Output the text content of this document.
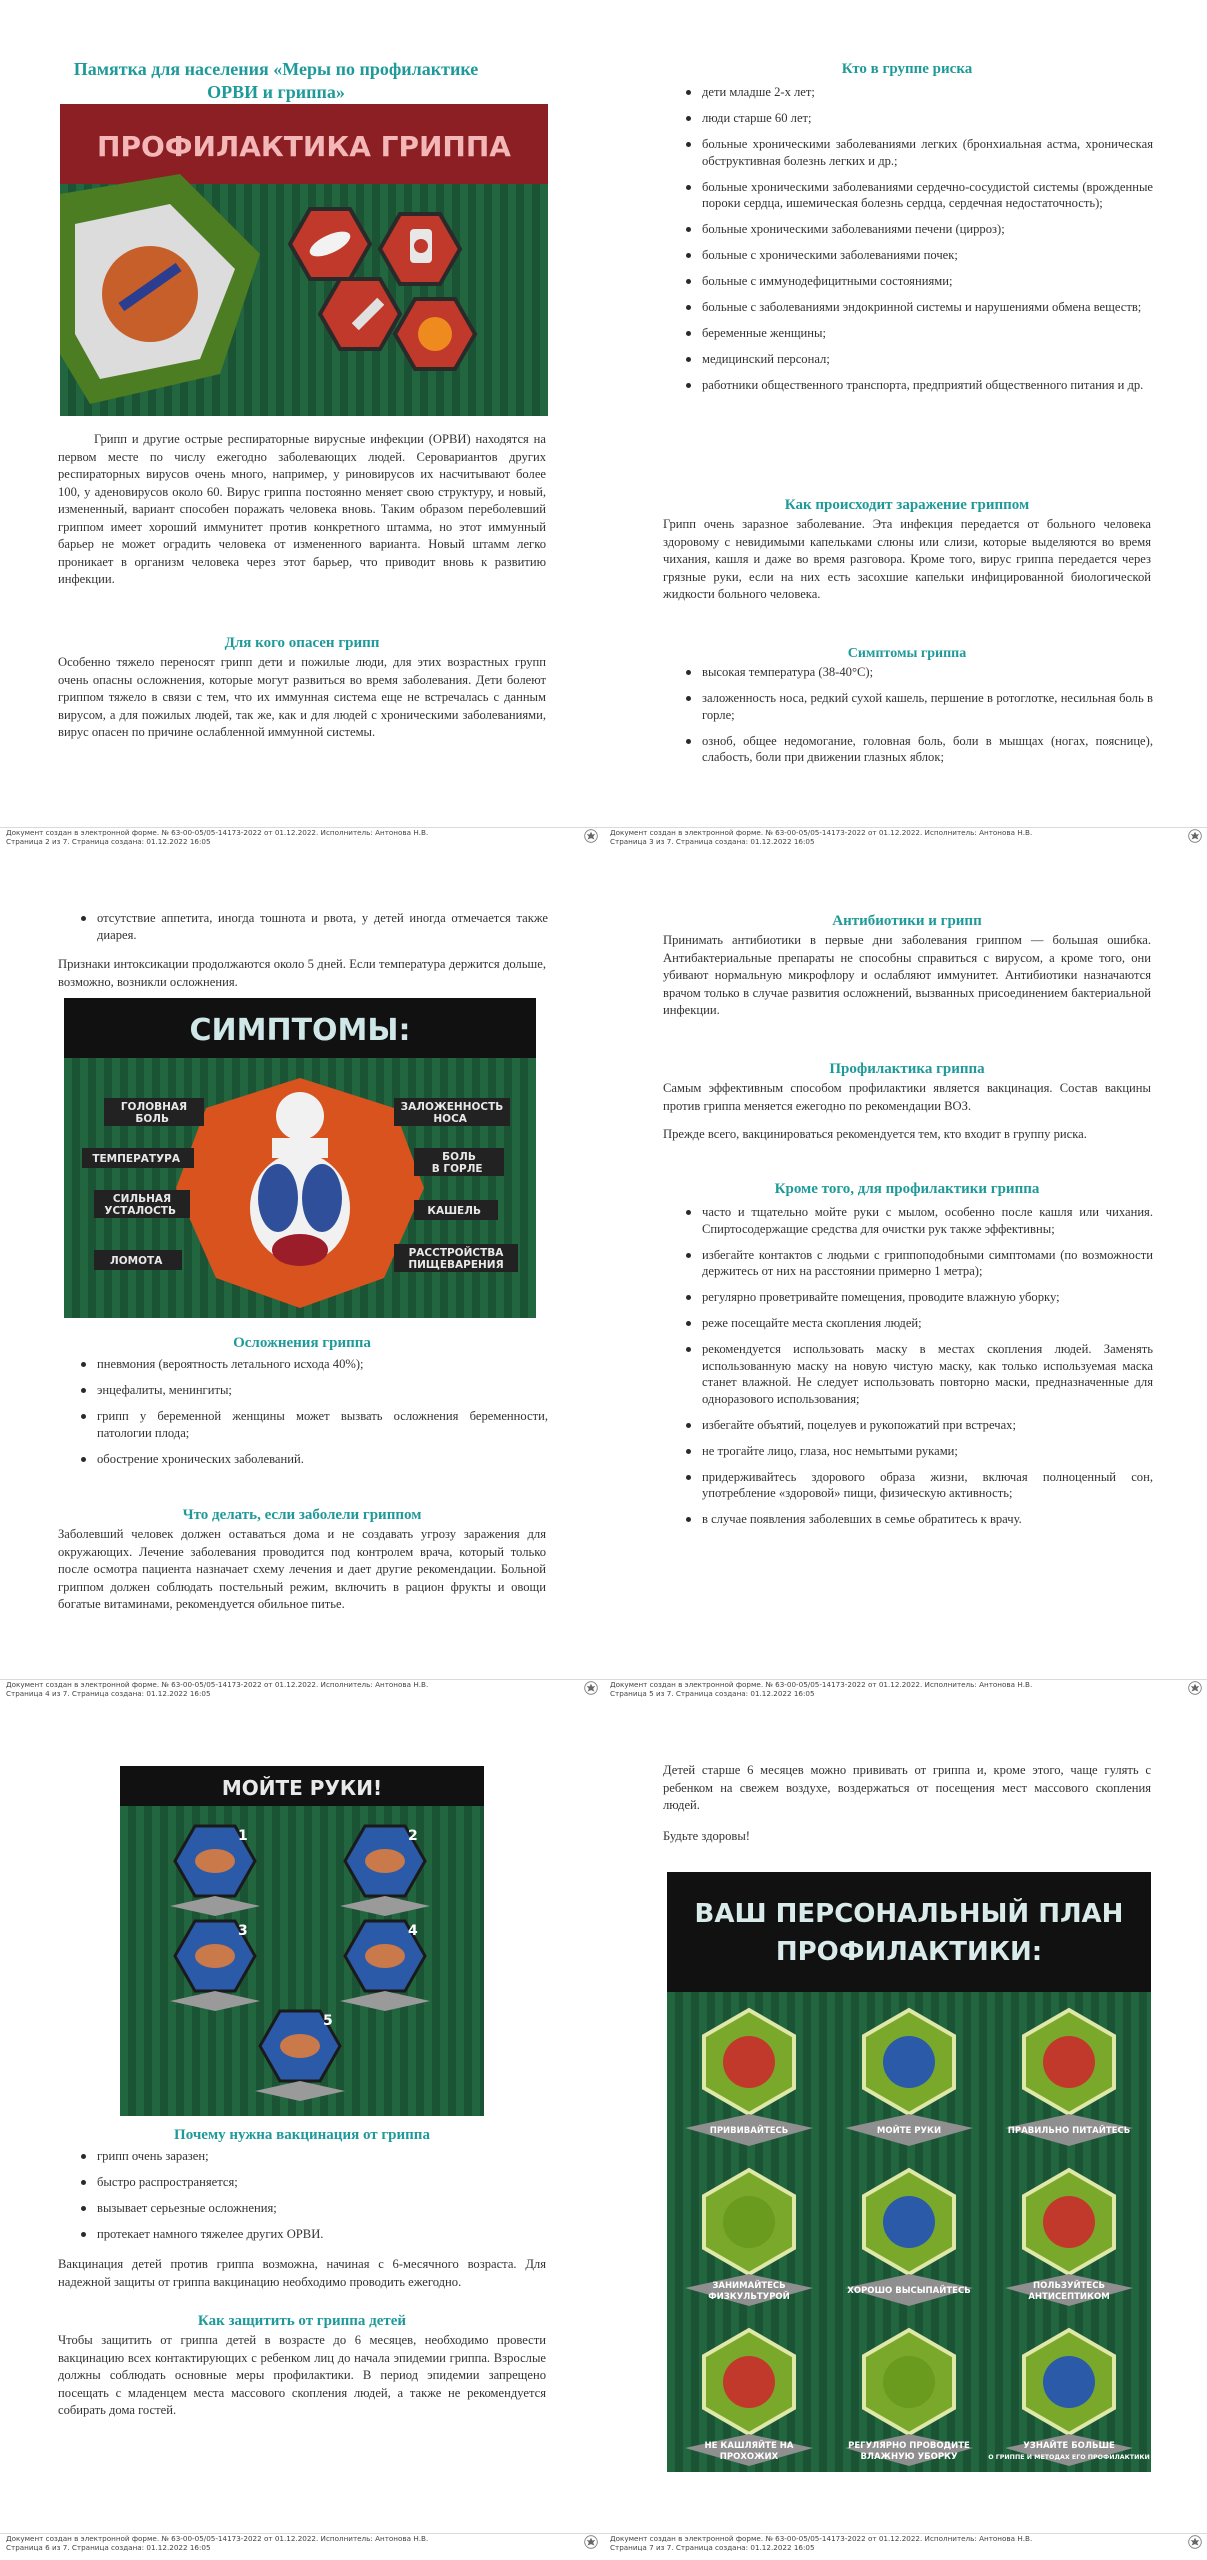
Памятка для населения «Меры по профилактике ОРВИ и гриппа»
ПРОФИЛАКТИКА ГРИППА
Грипп и другие острые респираторные вирусные инфекции (ОРВИ) находятся на первом месте по числу ежегодно заболевающих людей. Серовариантов других респираторных вирусов очень много, например, у риновирусов их насчитывают более 100, у аденовирусов около 60. Вирус гриппа постоянно меняет свою структуру, и новый, измененный, вариант способен поражать человека вновь. Таким образом переболевший гриппом имеет хороший иммунитет против конкретного штамма, но этот иммунный барьер не может оградить человека от измененного варианта. Новый штамм легко проникает в организм человека через этот барьер, что приводит вновь к развитию инфекции.
Для кого опасен грипп
Особенно тяжело переносят грипп дети и пожилые люди, для этих возрастных групп очень опасны осложнения, которые могут развиться во время заболевания. Дети болеют гриппом тяжело в связи с тем, что их иммунная система еще не встречалась с данным вирусом, а для пожилых людей, так же, как и для людей с хроническими заболеваниями, вирус опасен по причине ослабленной иммунной системы.
Кто в группе риска
дети младше 2-х лет;
люди старше 60 лет;
больные хроническими заболеваниями легких (бронхиальная астма, хроническая обструктивная болезнь легких и др.;
больные хроническими заболеваниями сердечно-сосудистой системы (врожденные пороки сердца, ишемическая болезнь сердца, сердечная недостаточность);
больные хроническими заболеваниями печени (цирроз);
больные с хроническими заболеваниями почек;
больные с иммунодефицитными состояниями;
больные с заболеваниями эндокринной системы и нарушениями обмена веществ;
беременные женщины;
медицинский персонал;
работники общественного транспорта, предприятий общественного питания и др.
Как происходит заражение гриппом
Грипп очень заразное заболевание. Эта инфекция передается от больного человека здоровому с невидимыми капельками слюны или слизи, которые выделяются во время чихания, кашля и даже во время разговора. Кроме того, вирус гриппа передается через грязные руки, если на них есть засохшие капельки инфицированной биологической жидкости больного человека.
Симптомы гриппа
высокая температура (38-40°С);
заложенность носа, редкий сухой кашель, першение в ротоглотке, несильная боль в горле;
озноб, общее недомогание, головная боль, боли в мышцах (ногах, пояснице), слабость, боли при движении глазных яблок;
Документ создан в электронной форме. № 63-00-05/05-14173-2022 от 01.12.2022. Исполнитель: Антонова Н.В.
Страница 2 из 7. Страница создана: 01.12.2022 16:05
Документ создан в электронной форме. № 63-00-05/05-14173-2022 от 01.12.2022. Исполнитель: Антонова Н.В.
Страница 3 из 7. Страница создана: 01.12.2022 16:05
отсутствие аппетита, иногда тошнота и рвота, у детей иногда отмечается также диарея.
Признаки интоксикации продолжаются около 5 дней. Если температура держится дольше, возможно, возникли осложнения.
СИМПТОМЫ:
ГОЛОВНАЯ БОЛЬ ТЕМПЕРАТУРА СИЛЬНАЯ УСТАЛОСТЬ ЛОМОТА ЗАЛОЖЕННОСТЬ НОСА БОЛЬ В ГОРЛЕ КАШЕЛЬ РАССТРОЙСТВА ПИЩЕВАРЕНИЯ
Осложнения гриппа
пневмония (вероятность летального исхода 40%);
энцефалиты, менингиты;
грипп у беременной женщины может вызвать осложнения беременности, патологии плода;
обострение хронических заболеваний.
Что делать, если заболели гриппом
Заболевший человек должен оставаться дома и не создавать угрозу заражения для окружающих. Лечение заболевания проводится под контролем врача, который только после осмотра пациента назначает схему лечения и дает другие рекомендации. Больной гриппом должен соблюдать постельный режим, включить в рацион фрукты и овощи богатые витаминами, рекомендуется обильное питье.
Антибиотики и грипп
Принимать антибиотики в первые дни заболевания гриппом — большая ошибка. Антибактериальные препараты не способны справиться с вирусом, а кроме того, они убивают нормальную микрофлору и ослабляют иммунитет. Антибиотики назначаются врачом только в случае развития осложнений, вызванных присоединением бактериальной инфекции.
Профилактика гриппа
Самым эффективным способом профилактики является вакцинация. Состав вакцины против гриппа меняется ежегодно по рекомендации ВОЗ.
Прежде всего, вакцинироваться рекомендуется тем, кто входит в группу риска.
Кроме того, для профилактики гриппа
часто и тщательно мойте руки с мылом, особенно после кашля или чихания. Спиртосодержащие средства для очистки рук также эффективны;
избегайте контактов с людьми с гриппоподобными симптомами (по возможности держитесь от них на расстоянии примерно 1 метра);
регулярно проветривайте помещения, проводите влажную уборку;
реже посещайте места скопления людей;
рекомендуется использовать маску в местах скопления людей. Заменять использованную маску на новую чистую маску, как только используемая маска станет влажной. Не следует использовать повторно маски, предназначенные для одноразового использования;
избегайте объятий, поцелуев и рукопожатий при встречах;
не трогайте лицо, глаза, нос немытыми руками;
придерживайтесь здорового образа жизни, включая полноценный сон, употребление «здоровой» пищи, физическую активность;
в случае появления заболевших в семье обратитесь к врачу.
Документ создан в электронной форме. № 63-00-05/05-14173-2022 от 01.12.2022. Исполнитель: Антонова Н.В.
Страница 4 из 7. Страница создана: 01.12.2022 16:05
Документ создан в электронной форме. № 63-00-05/05-14173-2022 от 01.12.2022. Исполнитель: Антонова Н.В.
Страница 5 из 7. Страница создана: 01.12.2022 16:05
МОЙТЕ РУКИ!
1	2
3	4
5
Почему нужна вакцинация от гриппа
грипп очень заразен;
быстро распространяется;
вызывает серьезные осложнения;
протекает намного тяжелее других ОРВИ.
Вакцинация детей против гриппа возможна, начиная с 6-месячного возраста. Для надежной защиты от гриппа вакцинацию необходимо проводить ежегодно.
Как защитить от гриппа детей
Чтобы защитить от гриппа детей в возрасте до 6 месяцев, необходимо провести вакцинацию всех контактирующих с ребенком лиц до начала эпидемии гриппа. Взрослые должны соблюдать основные меры профилактики. В период эпидемии запрещено посещать с младенцем места массового скопления людей, а также не рекомендуется собирать дома гостей.
Детей старше 6 месяцев можно прививать от гриппа и, кроме этого, чаще гулять с ребенком на свежем воздухе, воздержаться от посещения мест массового скопления людей.
Будьте здоровы!
ВАШ ПЕРСОНАЛЬНЫЙ ПЛАН
ПРОФИЛАКТИКИ:
ПРИВИВАЙТЕСЬ	МОЙТЕ РУКИ	ПРАВИЛЬНО ПИТАЙТЕСЬ
ЗАНИМАЙТЕСЬ
ФИЗКУЛЬТУРОЙ
ХОРОШО ВЫСЫПАЙТЕСЬ	ПОЛЬЗУЙТЕСЬ
АНТИСЕПТИКОМ
НЕ КАШЛЯЙТЕ НА
ПРОХОЖИХ
РЕГУЛЯРНО ПРОВОДИТЕ
ВЛАЖНУЮ УБОРКУ
УЗНАЙТЕ БОЛЬШЕ
О ГРИППЕ И МЕТОДАХ ЕГО ПРОФИЛАКТИКИ
Документ создан в электронной форме. № 63-00-05/05-14173-2022 от 01.12.2022. Исполнитель: Антонова Н.В.
Страница 6 из 7. Страница создана: 01.12.2022 16:05
Документ создан в электронной форме. № 63-00-05/05-14173-2022 от 01.12.2022. Исполнитель: Антонова Н.В.
Страница 7 из 7. Страница создана: 01.12.2022 16:05
